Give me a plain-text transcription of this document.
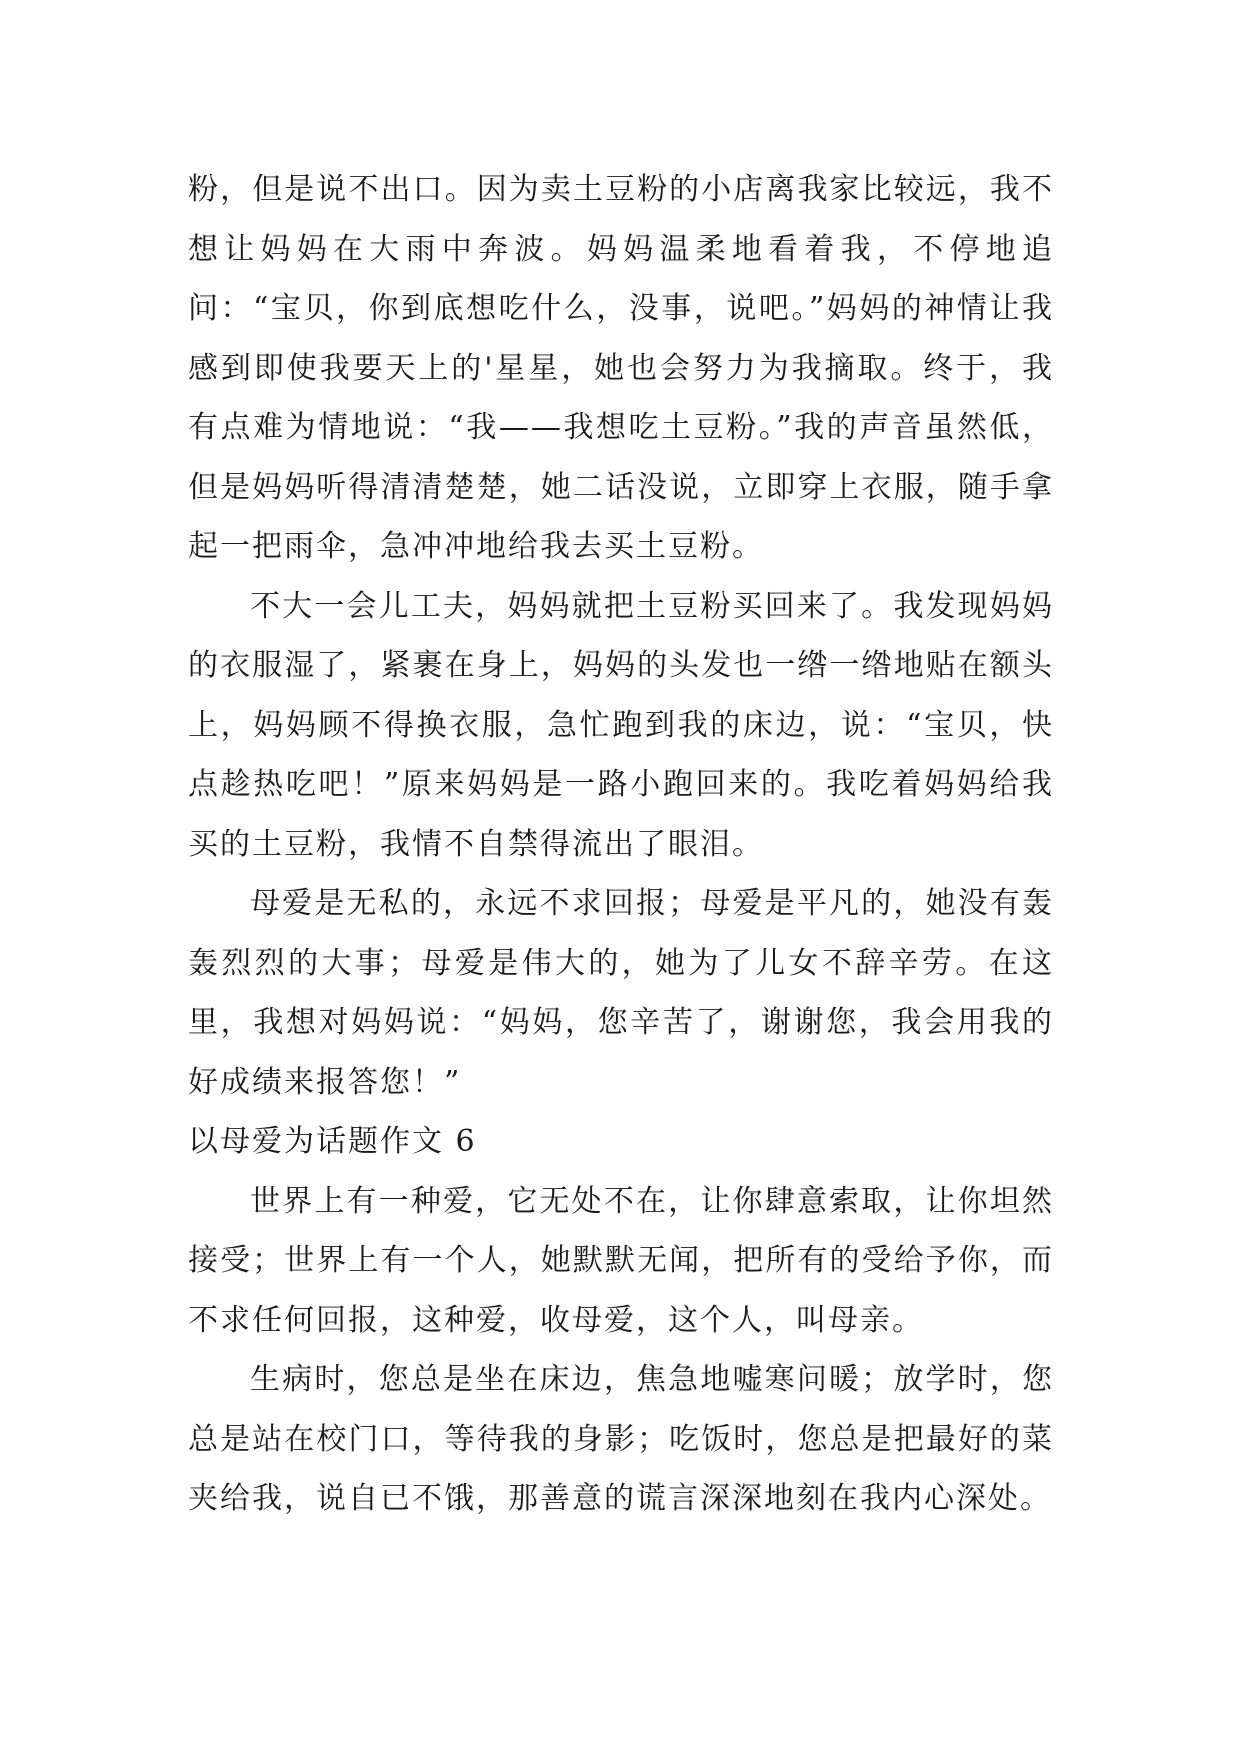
粉，但是说不出口。因为卖土豆粉的小店离我家比较远，我不想让妈妈在大雨中奔波。妈妈温柔地看着我，不停地追问：“宝贝，你到底想吃什么，没事，说吧。”妈妈的神情让我感到即使我要天上的'星星，她也会努力为我摘取。终于，我有点难为情地说：“我——我想吃土豆粉。”我的声音虽然低，但是妈妈听得清清楚楚，她二话没说，立即穿上衣服，随手拿起一把雨伞，急冲冲地给我去买土豆粉。

不大一会儿工夫，妈妈就把土豆粉买回来了。我发现妈妈的衣服湿了，紧裹在身上，妈妈的头发也一绺一绺地贴在额头上，妈妈顾不得换衣服，急忙跑到我的床边，说：“宝贝，快点趁热吃吧！”原来妈妈是一路小跑回来的。我吃着妈妈给我买的土豆粉，我情不自禁得流出了眼泪。

母爱是无私的，永远不求回报；母爱是平凡的，她没有轰轰烈烈的大事；母爱是伟大的，她为了儿女不辞辛劳。在这里，我想对妈妈说：“妈妈，您辛苦了，谢谢您，我会用我的好成绩来报答您！”

以母爱为话题作文 6

世界上有一种爱，它无处不在，让你肆意索取，让你坦然接受；世界上有一个人，她默默无闻，把所有的受给予你，而不求任何回报，这种爱，收母爱，这个人，叫母亲。

生病时，您总是坐在床边，焦急地嘘寒问暖；放学时，您总是站在校门口，等待我的身影；吃饭时，您总是把最好的菜夹给我，说自已不饿，那善意的谎言深深地刻在我内心深处。
